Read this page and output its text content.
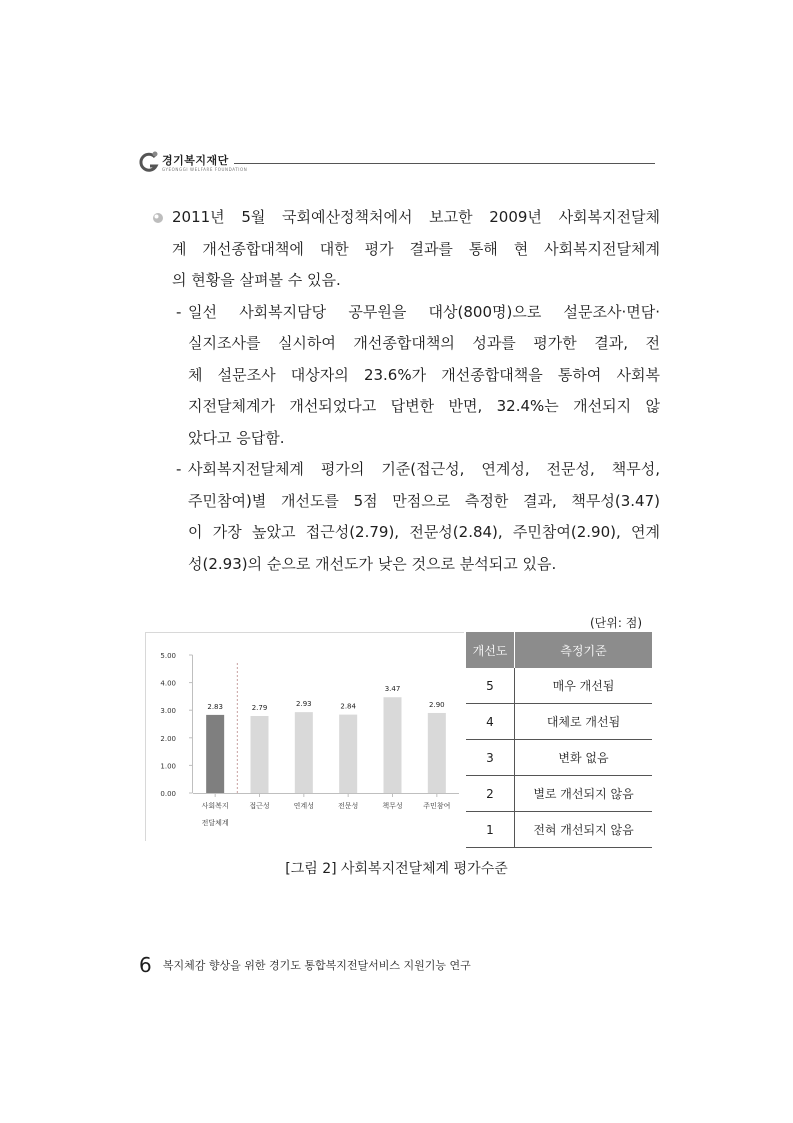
경기복지재단
GYEONGGI WELFARE FOUNDATION
2011년 5월 국회예산정책처에서 보고한 2009년 사회복지전달체
계 개선종합대책에 대한 평가 결과를 통해 현 사회복지전달체계
의 현황을 살펴볼 수 있음.
- 일선 사회복지담당 공무원을 대상(800명)으로 설문조사·면담·
실지조사를 실시하여 개선종합대책의 성과를 평가한 결과, 전
체 설문조사 대상자의 23.6%가 개선종합대책을 통하여 사회복
지전달체계가 개선되었다고 답변한 반면, 32.4%는 개선되지 않
았다고 응답함.
- 사회복지전달체계 평가의 기준(접근성, 연계성, 전문성, 책무성,
주민참여)별 개선도를 5점 만점으로 측정한 결과, 책무성(3.47)
이 가장 높았고 접근성(2.79), 전문성(2.84), 주민참여(2.90), 연계
성(2.93)의 순으로 개선도가 낮은 것으로 분석되고 있음.
(단위: 점)
0.00
1.00
2.00
3.00
4.00
5.00
2.83
사회복지
전달체계
2.79
접근성
2.93
연계성
2.84
전문성
3.47
책무성
2.90
주민참여
개선도	측정기준
5	매우 개선됨
4	대체로 개선됨
3	변화 없음
2	별로 개선되지 않음
1	전혀 개선되지 않음
[그림 2] 사회복지전달체계 평가수준
6 복지체감 향상을 위한 경기도 통합복지전달서비스 지원기능 연구
